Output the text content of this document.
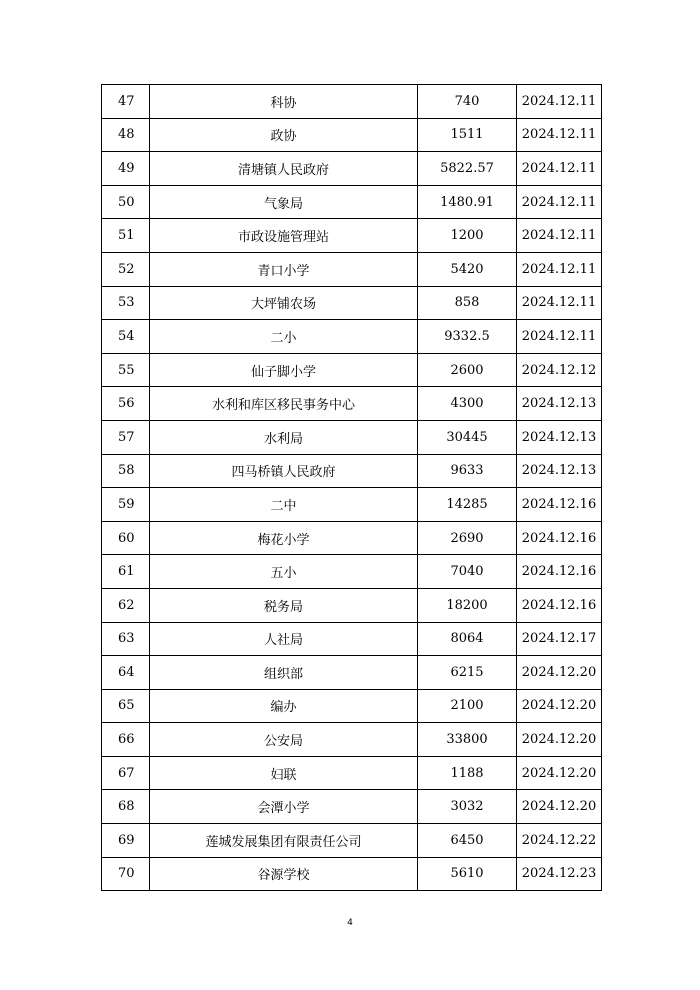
47	科协	740	2024.12.11
48	政协	1511	2024.12.11
49	清塘镇人民政府	5822.57	2024.12.11
50	气象局	1480.91	2024.12.11
51	市政设施管理站	1200	2024.12.11
52	青口小学	5420	2024.12.11
53	大坪铺农场	858	2024.12.11
54	二小	9332.5	2024.12.11
55	仙子脚小学	2600	2024.12.12
56	水利和库区移民事务中心	4300	2024.12.13
57	水利局	30445	2024.12.13
58	四马桥镇人民政府	9633	2024.12.13
59	二中	14285	2024.12.16
60	梅花小学	2690	2024.12.16
61	五小	7040	2024.12.16
62	税务局	18200	2024.12.16
63	人社局	8064	2024.12.17
64	组织部	6215	2024.12.20
65	编办	2100	2024.12.20
66	公安局	33800	2024.12.20
67	妇联	1188	2024.12.20
68	会潭小学	3032	2024.12.20
69	莲城发展集团有限责任公司	6450	2024.12.22
70	谷源学校	5610	2024.12.23
4
